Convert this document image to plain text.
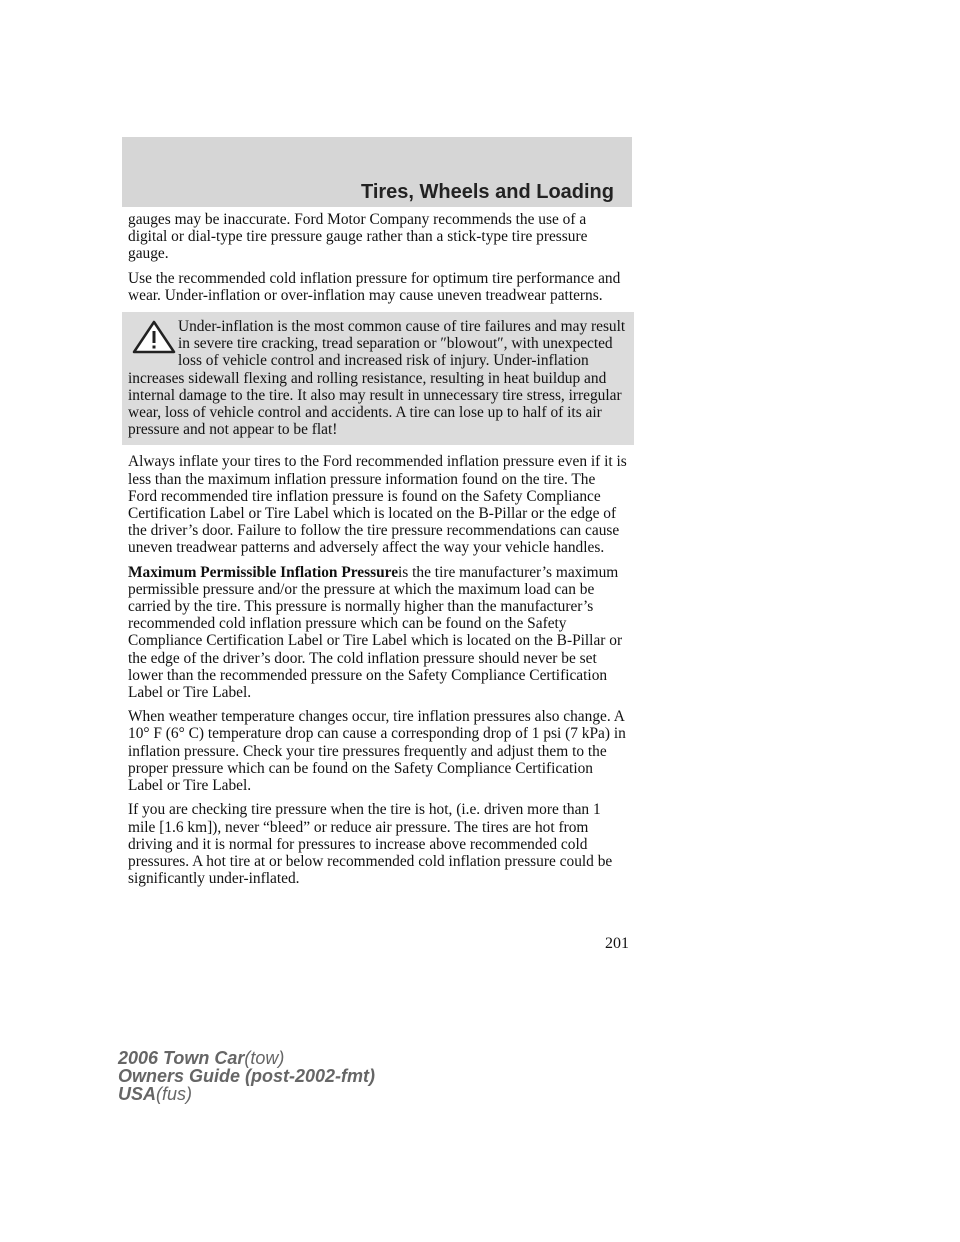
Tires, Wheels and Loading

gauges may be inaccurate. Ford Motor Company recommends the use of a digital or dial-type tire pressure gauge rather than a stick-type tire pressure gauge.

Use the recommended cold inflation pressure for optimum tire performance and wear. Under-inflation or over-inflation may cause uneven treadwear patterns.

Under-inflation is the most common cause of tire failures and may result in severe tire cracking, tread separation or ″blowout″, with unexpected loss of vehicle control and increased risk of injury. Under-inflation increases sidewall flexing and rolling resistance, resulting in heat buildup and internal damage to the tire. It also may result in unnecessary tire stress, irregular wear, loss of vehicle control and accidents. A tire can lose up to half of its air pressure and not appear to be flat!

Always inflate your tires to the Ford recommended inflation pressure even if it is less than the maximum inflation pressure information found on the tire. The Ford recommended tire inflation pressure is found on the Safety Compliance Certification Label or Tire Label which is located on the B-Pillar or the edge of the driver’s door. Failure to follow the tire pressure recommendations can cause uneven treadwear patterns and adversely affect the way your vehicle handles.

Maximum Permissible Inflation Pressureis the tire manufacturer’s maximum permissible pressure and/or the pressure at which the maximum load can be carried by the tire. This pressure is normally higher than the manufacturer’s recommended cold inflation pressure which can be found on the Safety Compliance Certification Label or Tire Label which is located on the B-Pillar or the edge of the driver’s door. The cold inflation pressure should never be set lower than the recommended pressure on the Safety Compliance Certification Label or Tire Label.

When weather temperature changes occur, tire inflation pressures also change. A 10° F (6° C) temperature drop can cause a corresponding drop of 1 psi (7 kPa) in inflation pressure. Check your tire pressures frequently and adjust them to the proper pressure which can be found on the Safety Compliance Certification Label or Tire Label.

If you are checking tire pressure when the tire is hot, (i.e. driven more than 1 mile [1.6 km]), never “bleed” or reduce air pressure. The tires are hot from driving and it is normal for pressures to increase above recommended cold pressures. A hot tire at or below recommended cold inflation pressure could be significantly under-inflated.

201
2006 Town Car(tow)
Owners Guide (post-2002-fmt)
USA(fus)
